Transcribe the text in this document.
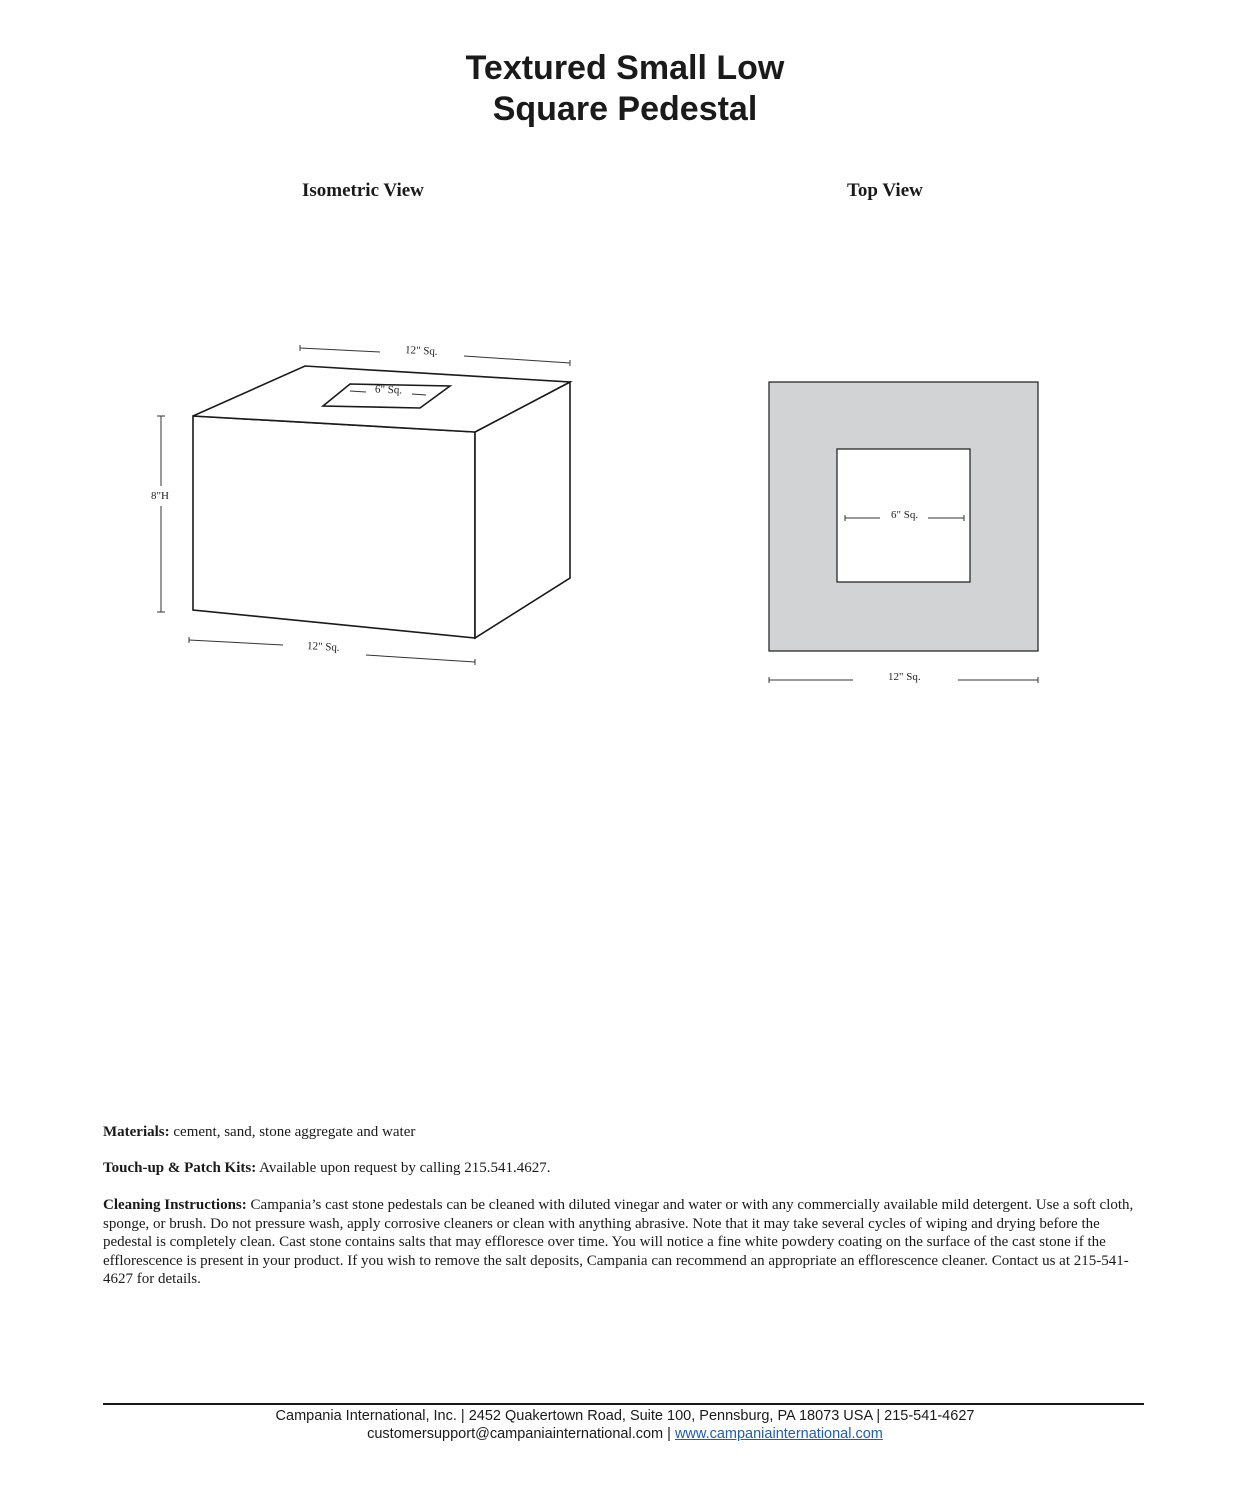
Textured Small Low
Square Pedestal
Isometric View	Top View
12" Sq.
6" Sq.
8"H
12" Sq.
6" Sq.
12" Sq.
Materials: cement, sand, stone aggregate and water
Touch-up & Patch Kits: Available upon request by calling 215.541.4627.
Cleaning Instructions: Campania’s cast stone pedestals can be cleaned with diluted vinegar and water or with any commercially available mild detergent. Use a soft cloth, sponge, or brush. Do not pressure wash, apply corrosive cleaners or clean with anything abrasive. Note that it may take several cycles of wiping and drying before the pedestal is completely clean. Cast stone contains salts that may effloresce over time. You will notice a fine white powdery coating on the surface of the cast stone if the efflorescence is present in your product. If you wish to remove the salt deposits, Campania can recommend an appropriate an efflorescence cleaner. Contact us at 215-541-4627 for details.
Campania International, Inc. | 2452 Quakertown Road, Suite 100, Pennsburg, PA 18073 USA | 215-541-4627
customersupport@campaniainternational.com | www.campaniainternational.com
